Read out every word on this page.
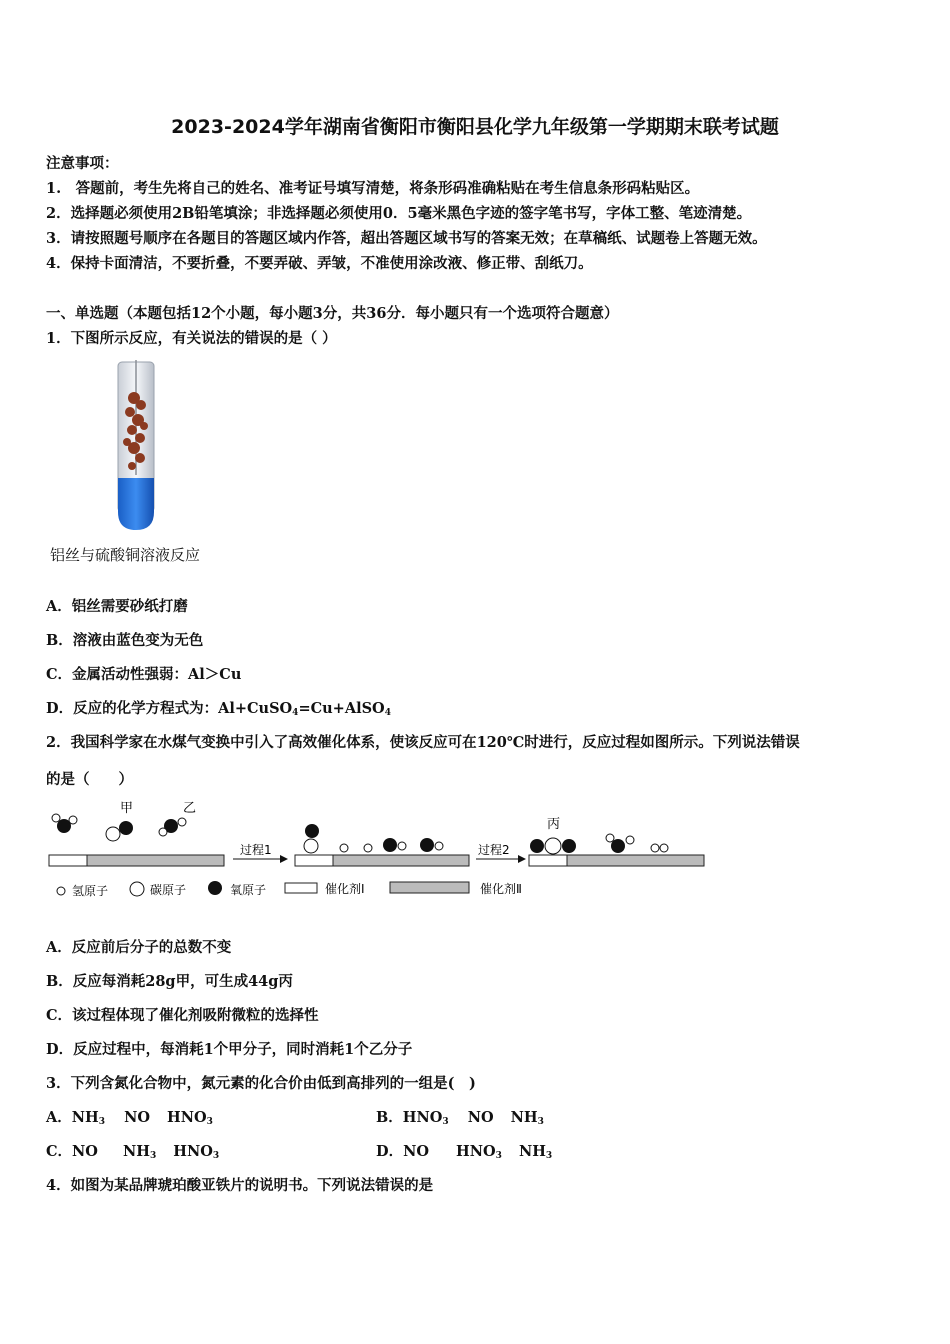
2023-2024学年湖南省衡阳市衡阳县化学九年级第一学期期末联考试题
注意事项：
1.　答题前，考生先将自己的姓名、准考证号填写清楚，将条形码准确粘贴在考生信息条形码粘贴区。
2．选择题必须使用2B铅笔填涂；非选择题必须使用0．5毫米黑色字迹的签字笔书写，字体工整、笔迹清楚。
3．请按照题号顺序在各题目的答题区域内作答，超出答题区域书写的答案无效；在草稿纸、试题卷上答题无效。
4．保持卡面清洁，不要折叠，不要弄破、弄皱，不准使用涂改液、修正带、刮纸刀。
一、单选题（本题包括12个小题，每小题3分，共36分．每小题只有一个选项符合题意）
1．下图所示反应，有关说法的错误的是（ ）
铝丝与硫酸铜溶液反应
A．铝丝需要砂纸打磨
B．溶液由蓝色变为无色
C．金属活动性强弱：Al＞Cu
D．反应的化学方程式为：Al+CuSO$_4$=Cu+AlSO$_4$
2．我国科学家在水煤气变换中引入了高效催化体系，使该反应可在120℃时进行，反应过程如图所示。下列说法错误
的是（　　）
甲	乙
过程1	过程2
丙
氢原子	碳原子	氧原子	催化剂Ⅰ	催化剂Ⅱ
A．反应前后分子的总数不变
B．反应每消耗28g甲，可生成44g丙
C．该过程体现了催化剂吸附微粒的选择性
D．反应过程中，每消耗1个甲分子，同时消耗1个乙分子
3．下列含氮化合物中，氮元素的化合价由低到高排列的一组是(　)
A．$NH_3$ NO $HNO_3$	B．$HNO_3$ NO $NH_3$
C．NO $NH_3$ $HNO_3$	D．NO $HNO_3$ $NH_3$
4．如图为某品牌琥珀酸亚铁片的说明书。下列说法错误的是
